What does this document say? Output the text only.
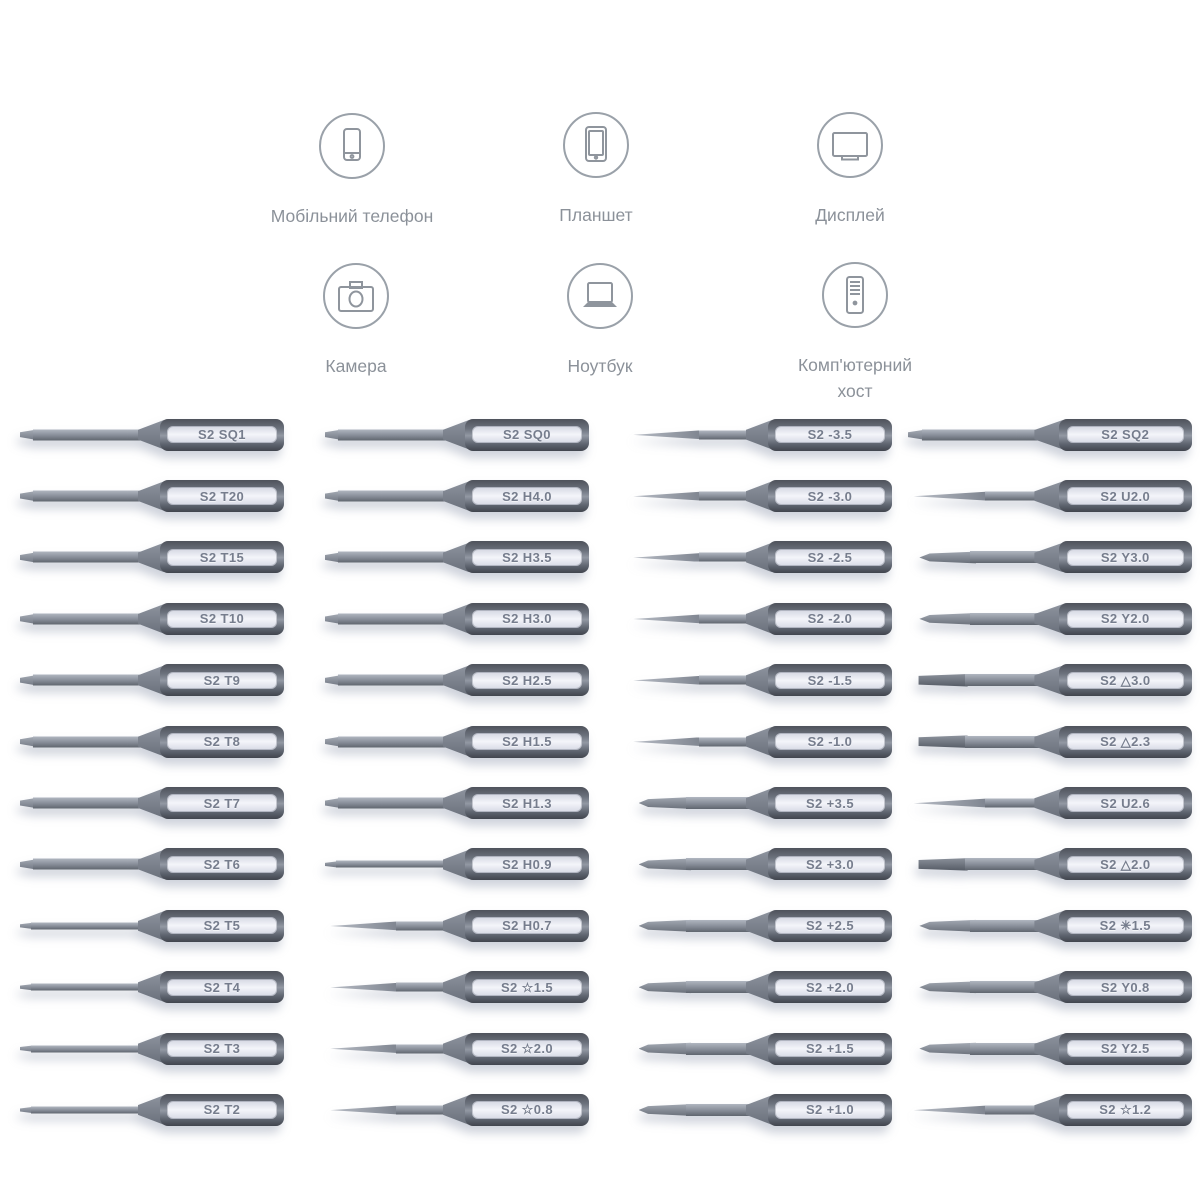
Мобільний телефон	Планшет	Дисплей
Камера	Ноутбук	Комп'ютерний хост
S2 SQ1
S2 T20
S2 T15
S2 T10
S2 T9
S2 T8
S2 T7
S2 T6
S2 T5
S2 T4
S2 T3
S2 T2
S2 SQ0
S2 H4.0
S2 H3.5
S2 H3.0
S2 H2.5
S2 H1.5
S2 H1.3
S2 H0.9
S2 H0.7
S2 ☆1.5
S2 ☆2.0
S2 ☆0.8
S2 -3.5
S2 -3.0
S2 -2.5
S2 -2.0
S2 -1.5
S2 -1.0
S2 +3.5
S2 +3.0
S2 +2.5
S2 +2.0
S2 +1.5
S2 +1.0
S2 SQ2
S2 U2.0
S2 Y3.0
S2 Y2.0
S2 △3.0
S2 △2.3
S2 U2.6
S2 △2.0
S2 ✳1.5
S2 Y0.8
S2 Y2.5
S2 ☆1.2
